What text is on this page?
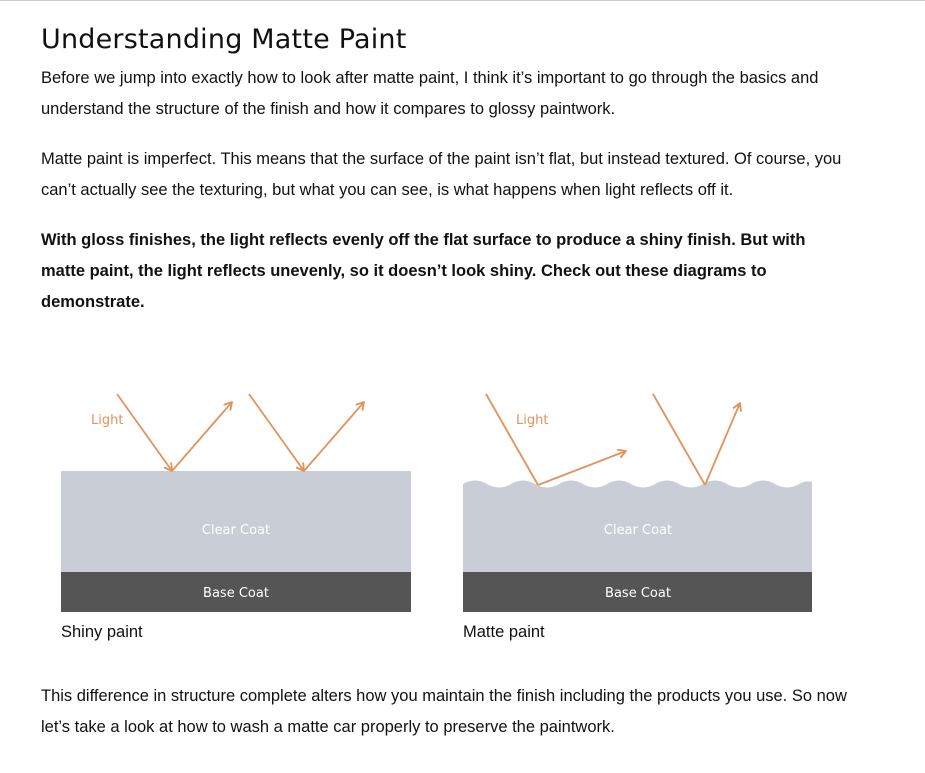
Understanding Matte Paint

Before we jump into exactly how to look after matte paint, I think it’s important to go through the basics and understand the structure of the finish and how it compares to glossy paintwork.

Matte paint is imperfect. This means that the surface of the paint isn’t flat, but instead textured. Of course, you can’t actually see the texturing, but what you can see, is what happens when light reflects off it.

With gloss finishes, the light reflects evenly off the flat surface to produce a shiny finish. But with matte paint, the light reflects unevenly, so it doesn’t look shiny. Check out these diagrams to demonstrate.

Clear Coat
Base Coat
Light
Clear Coat
Base Coat
Light
Shiny paint	Matte paint

This difference in structure complete alters how you maintain the finish including the products you use. So now let’s take a look at how to wash a matte car properly to preserve the paintwork.
